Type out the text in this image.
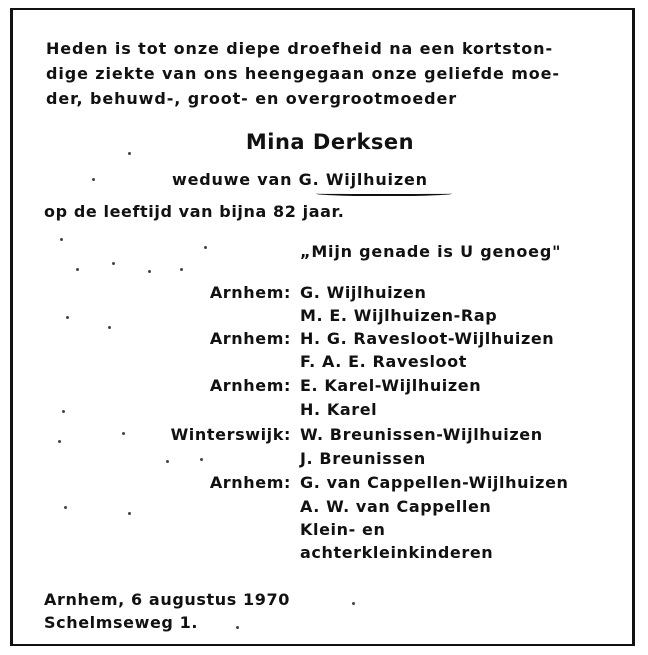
Heden is tot onze diepe droefheid na een kortston-
dige ziekte van ons heengegaan onze geliefde moe-
der, behuwd-, groot- en overgrootmoeder
Mina Derksen
weduwe van G. Wijlhuizen
op de leeftijd van bijna 82 jaar.
„Mijn genade is U genoeg"
Arnhem: G. Wijlhuizen
M. E. Wijlhuizen-Rap
Arnhem: H. G. Ravesloot-Wijlhuizen
F. A. E. Ravesloot
Arnhem: E. Karel-Wijlhuizen
H. Karel
Winterswijk: W. Breunissen-Wijlhuizen
J. Breunissen
Arnhem: G. van Cappellen-Wijlhuizen
A. W. van Cappellen
Klein- en
achterkleinkinderen
Arnhem, 6 augustus 1970
Schelmseweg 1.
